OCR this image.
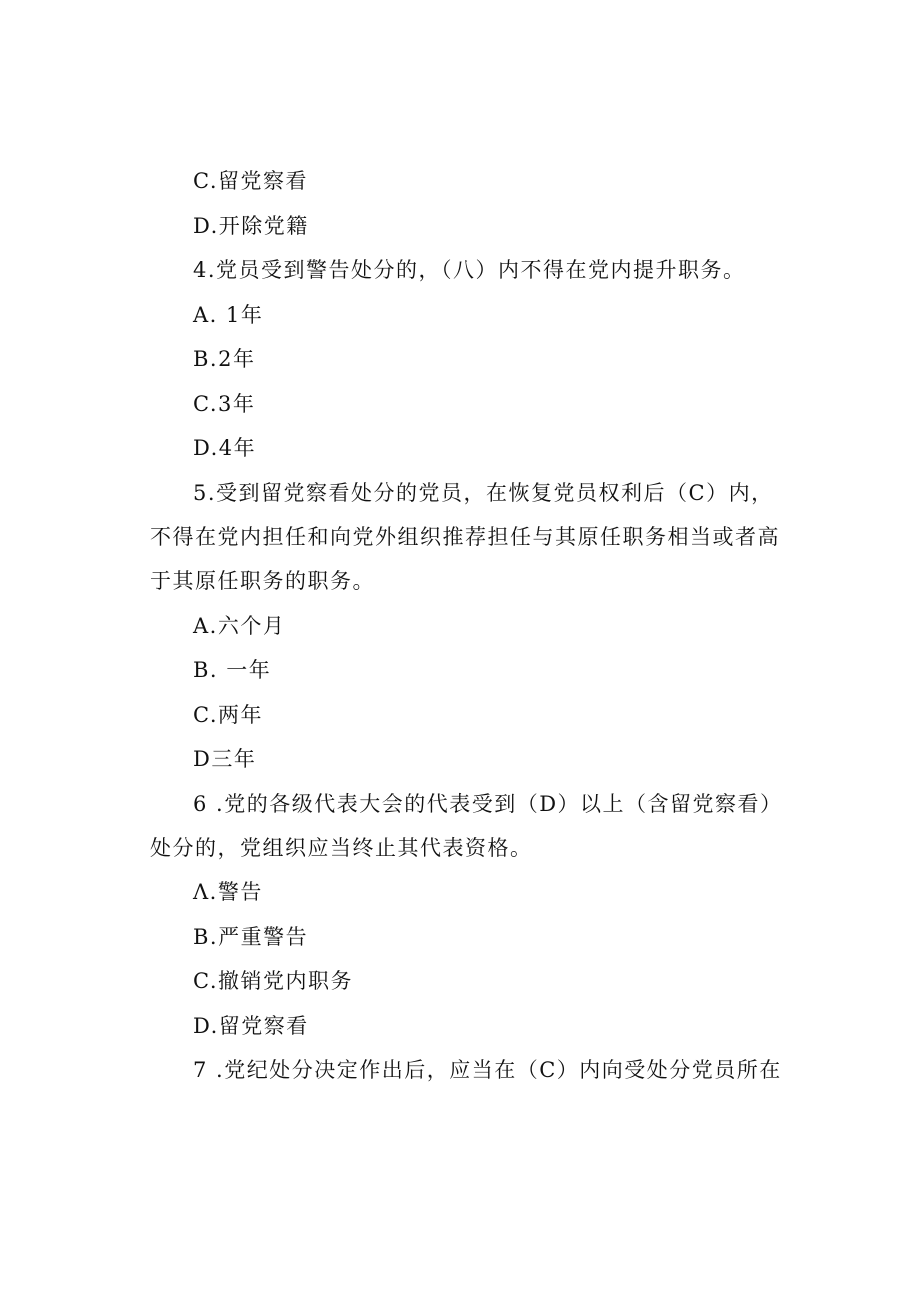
C.留党察看
D.开除党籍
4.党员受到警告处分的，（八）内不得在党内提升职务。
A. 1年
B.2年
C.3年
D.4年
5.受到留党察看处分的党员，在恢复党员权利后（C）内，
不得在党内担任和向党外组织推荐担任与其原任职务相当或者高
于其原任职务的职务。
A.六个月
B. 一年
C.两年
D三年
6 .党的各级代表大会的代表受到（D）以上（含留党察看）
处分的，党组织应当终止其代表资格。
Λ.警告
B.严重警告
C.撤销党内职务
D.留党察看
7 .党纪处分决定作出后，应当在（C）内向受处分党员所在
